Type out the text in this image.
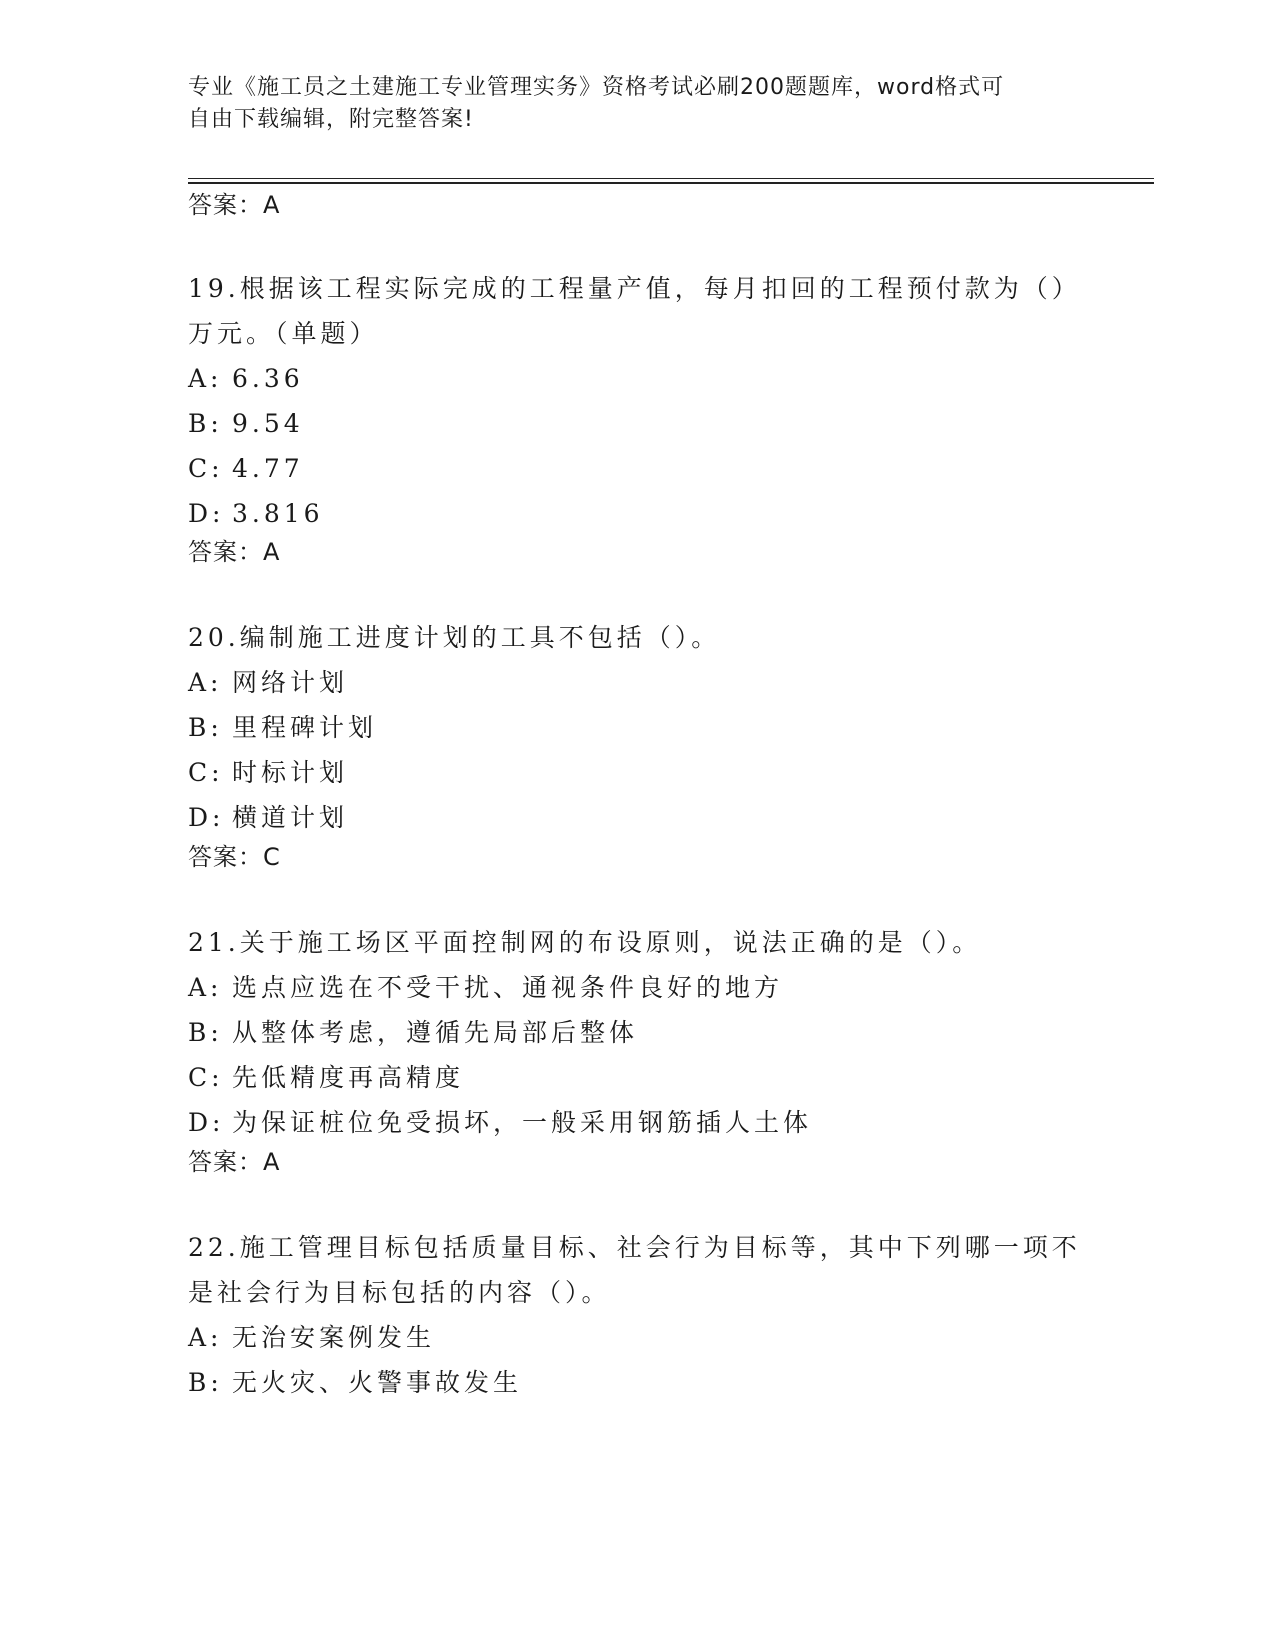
专业《施工员之土建施工专业管理实务》资格考试必刷200题题库，word格式可
自由下载编辑，附完整答案!
答案：A

19.根据该工程实际完成的工程量产值，每月扣回的工程预付款为（）万元。（单题）

A: 6.36

B: 9.54

C: 4.77

D: 3.816

答案：A

20.编制施工进度计划的工具不包括（）。

A: 网络计划

B: 里程碑计划

C: 时标计划

D: 横道计划

答案：C

21.关于施工场区平面控制网的布设原则，说法正确的是（）。

A: 选点应选在不受干扰、通视条件良好的地方

B: 从整体考虑，遵循先局部后整体

C: 先低精度再高精度

D: 为保证桩位免受损坏，一般采用钢筋插人土体

答案：A

22.施工管理目标包括质量目标、社会行为目标等，其中下列哪一项不是社会行为目标包括的内容（）。

A: 无治安案例发生

B: 无火灾、火警事故发生
